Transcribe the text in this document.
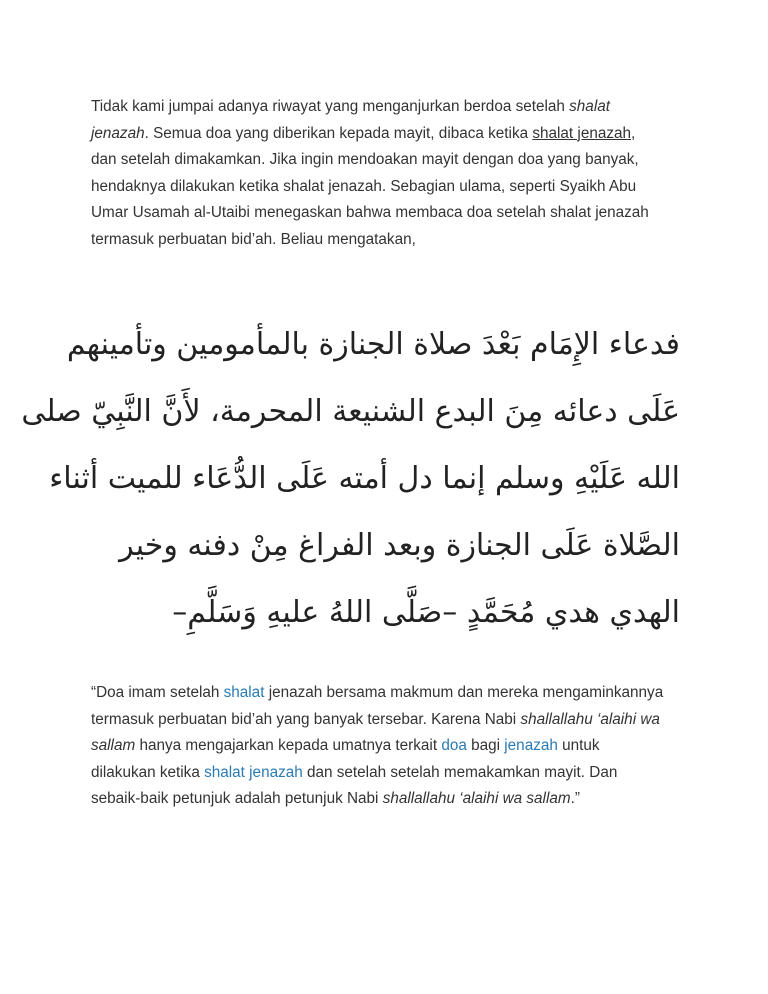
Tidak kami jumpai adanya riwayat yang menganjurkan berdoa setelah shalat
jenazah. Semua doa yang diberikan kepada mayit, dibaca ketika shalat jenazah,
dan setelah dimakamkan. Jika ingin mendoakan mayit dengan doa yang banyak,
hendaknya dilakukan ketika shalat jenazah. Sebagian ulama, seperti Syaikh Abu
Umar Usamah al-Utaibi menegaskan bahwa membaca doa setelah shalat jenazah
termasuk perbuatan bid’ah. Beliau mengatakan,
فدعاء الإِمَام بَعْدَ صلاة الجنازة بالمأمومين وتأمينهم
عَلَى دعائه مِنَ البدع الشنيعة المحرمة، لأَنَّ النَّبِيّ صلى
الله عَلَيْهِ وسلم إنما دل أمته عَلَى الدُّعَاء للميت أثناء
الصَّلاة عَلَى الجنازة وبعد الفراغ مِنْ دفنه وخير
الهدي هدي مُحَمَّدٍ –صَلَّى اللهُ عليهِ وَسَلَّمِ–
“Doa imam setelah shalat jenazah bersama makmum dan mereka mengaminkannya
termasuk perbuatan bid’ah yang banyak tersebar. Karena Nabi shallallahu ‘alaihi wa
sallam hanya mengajarkan kepada umatnya terkait doa bagi jenazah untuk
dilakukan ketika shalat jenazah dan setelah setelah memakamkan mayit. Dan
sebaik-baik petunjuk adalah petunjuk Nabi shallallahu ‘alaihi wa sallam.”
